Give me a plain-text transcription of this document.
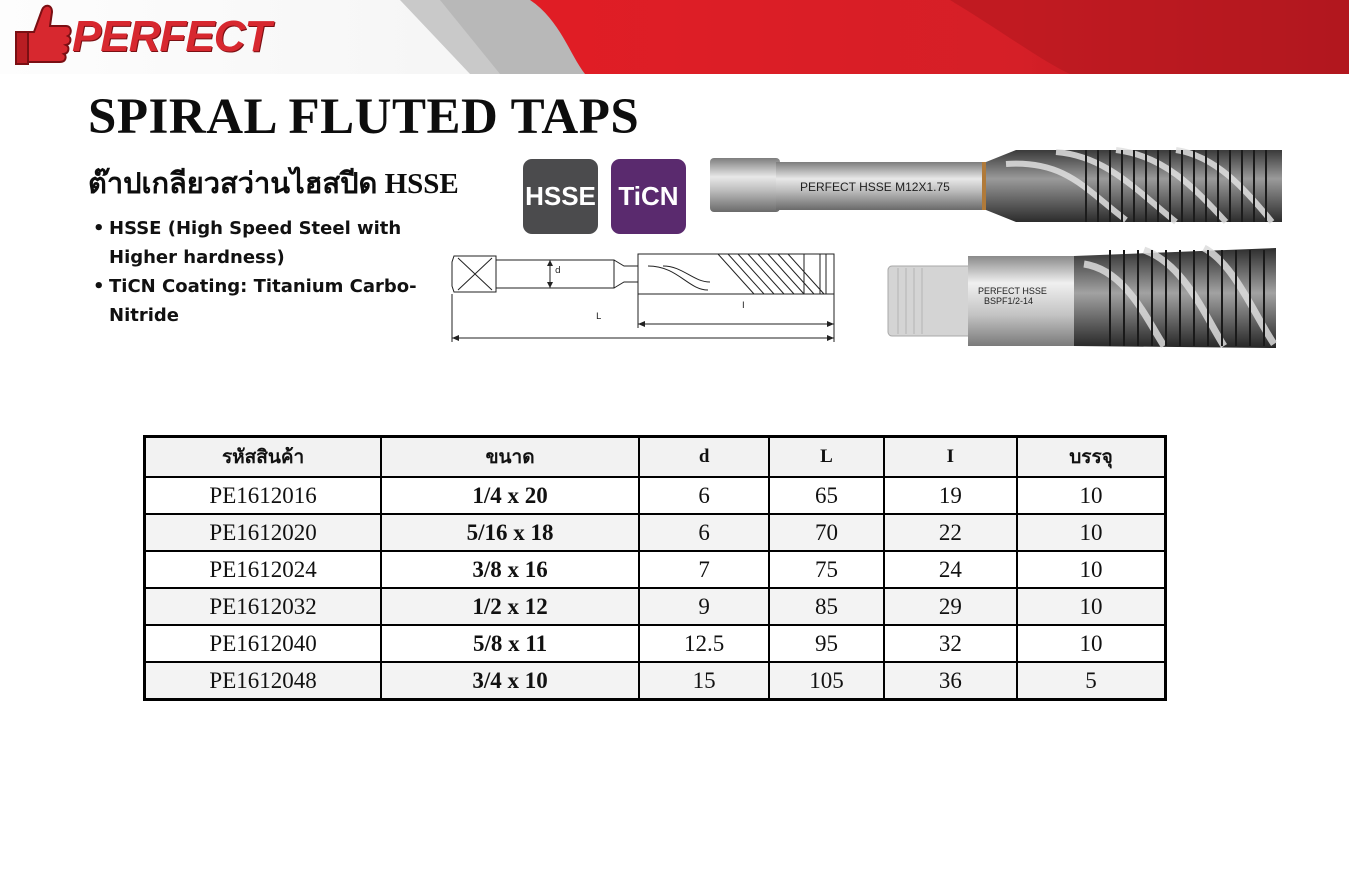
PERFECT
SPIRAL FLUTED TAPS
ต๊าปเกลียวสว่านไฮสปีด HSSE
• HSSE (High Speed Steel with Higher hardness)
• TiCN Coating: Titanium Carbo-Nitride
HSSE TiCN
d
L
I
PERFECT HSSE M12X1.75
PERFECT HSSE
BSPF1/2-14
รหัสสินค้า	ขนาด	d	L	I	บรรจุ
PE1612016	1/4 x 20	6	65	19	10
PE1612020	5/16 x 18	6	70	22	10
PE1612024	3/8 x 16	7	75	24	10
PE1612032	1/2 x 12	9	85	29	10
PE1612040	5/8 x 11	12.5	95	32	10
PE1612048	3/4 x 10	15	105	36	5
